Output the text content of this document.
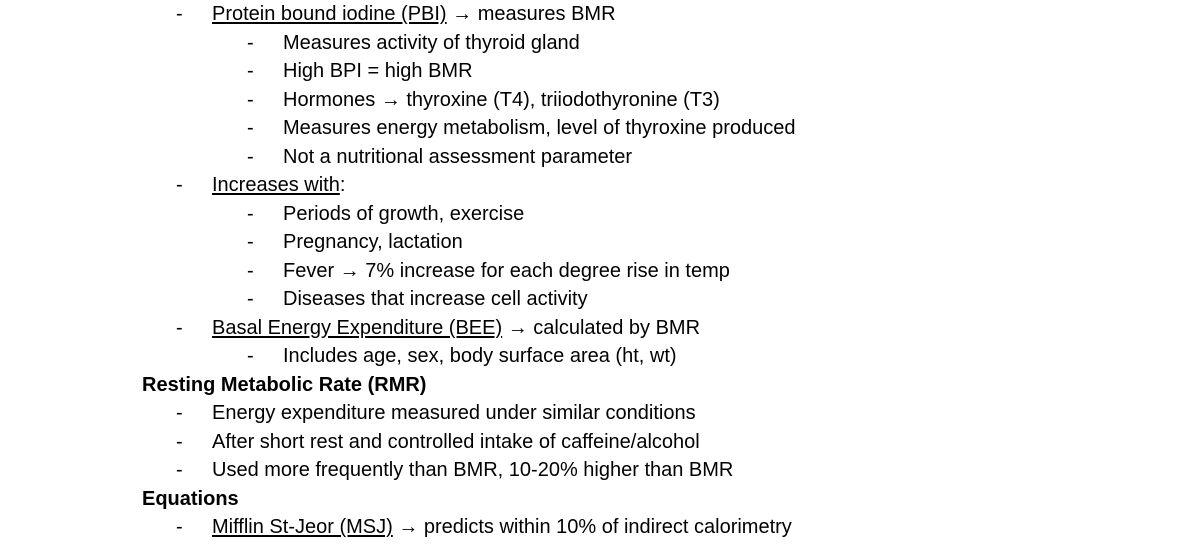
-	Protein bound iodine (PBI) → measures BMR
-	Measures activity of thyroid gland
-	High BPI = high BMR
-	Hormones → thyroxine (T4), triiodothyronine (T3)
-	Measures energy metabolism, level of thyroxine produced
-	Not a nutritional assessment parameter
-	Increases with:
-	Periods of growth, exercise
-	Pregnancy, lactation
-	Fever → 7% increase for each degree rise in temp
-	Diseases that increase cell activity
-	Basal Energy Expenditure (BEE) → calculated by BMR
-	Includes age, sex, body surface area (ht, wt)
Resting Metabolic Rate (RMR)
-	Energy expenditure measured under similar conditions
-	After short rest and controlled intake of caffeine/alcohol
-	Used more frequently than BMR, 10-20% higher than BMR
Equations
-	Mifflin St-Jeor (MSJ) → predicts within 10% of indirect calorimetry
